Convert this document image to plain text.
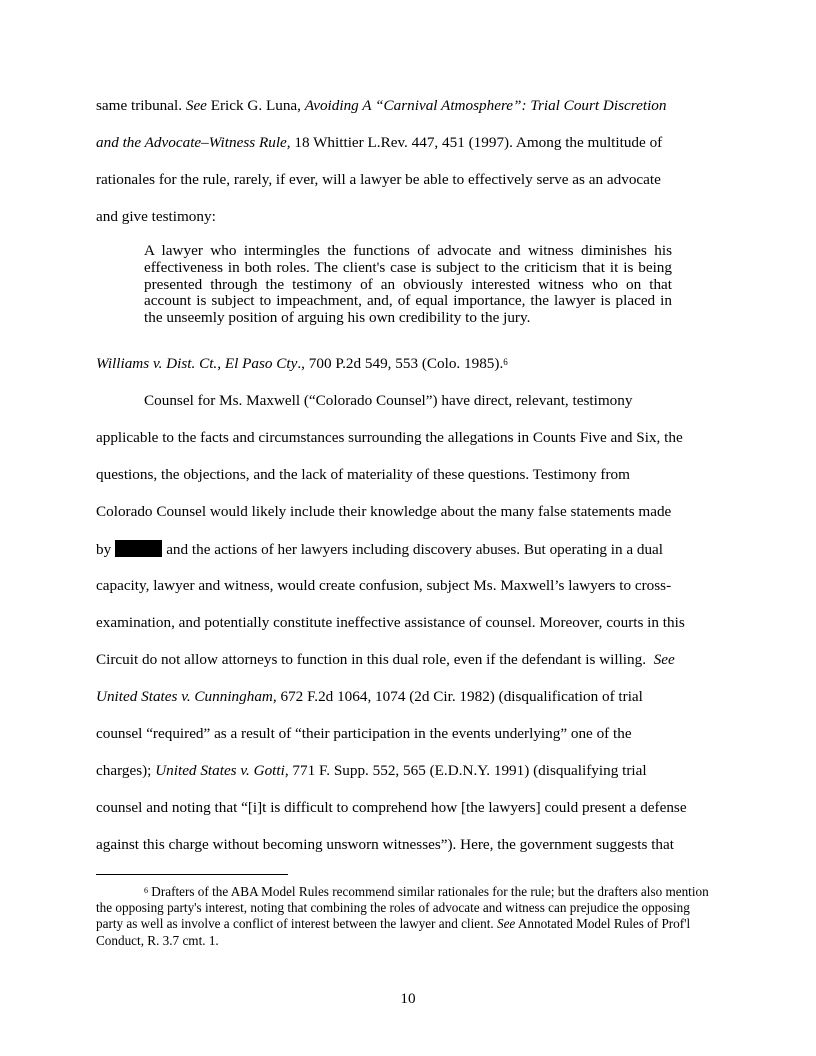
same tribunal. See Erick G. Luna, Avoiding A “Carnival Atmosphere”: Trial Court Discretion
and the Advocate–Witness Rule, 18 Whittier L.Rev. 447, 451 (1997). Among the multitude of
rationales for the rule, rarely, if ever, will a lawyer be able to effectively serve as an advocate
and give testimony:

A lawyer who intermingles the functions of advocate and witness diminishes his effectiveness in both roles. The client's case is subject to the criticism that it is being presented through the testimony of an obviously interested witness who on that account is subject to impeachment, and, of equal importance, the lawyer is placed in the unseemly position of arguing his own credibility to the jury.

Williams v. Dist. Ct., El Paso Cty., 700 P.2d 549, 553 (Colo. 1985).$^6$
Counsel for Ms. Maxwell (“Colorado Counsel”) have direct, relevant, testimony
applicable to the facts and circumstances surrounding the allegations in Counts Five and Six, the
questions, the objections, and the lack of materiality of these questions. Testimony from
Colorado Counsel would likely include their knowledge about the many false statements made
by	and the actions of her lawyers including discovery abuses. But operating in a dual
capacity, lawyer and witness, would create confusion, subject Ms. Maxwell’s lawyers to cross-
examination, and potentially constitute ineffective assistance of counsel. Moreover, courts in this
Circuit do not allow attorneys to function in this dual role, even if the defendant is willing. See
United States v. Cunningham, 672 F.2d 1064, 1074 (2d Cir. 1982) (disqualification of trial
counsel “required” as a result of “their participation in the events underlying” one of the
charges); United States v. Gotti, 771 F. Supp. 552, 565 (E.D.N.Y. 1991) (disqualifying trial
counsel and noting that “[i]t is difficult to comprehend how [the lawyers] could present a defense
against this charge without becoming unsworn witnesses”). Here, the government suggests that

$^6$ Drafters of the ABA Model Rules recommend similar rationales for the rule; but the drafters also mention the opposing party's interest, noting that combining the roles of advocate and witness can prejudice the opposing party as well as involve a conflict of interest between the lawyer and client. See Annotated Model Rules of Prof'l Conduct, R. 3.7 cmt. 1.

10
